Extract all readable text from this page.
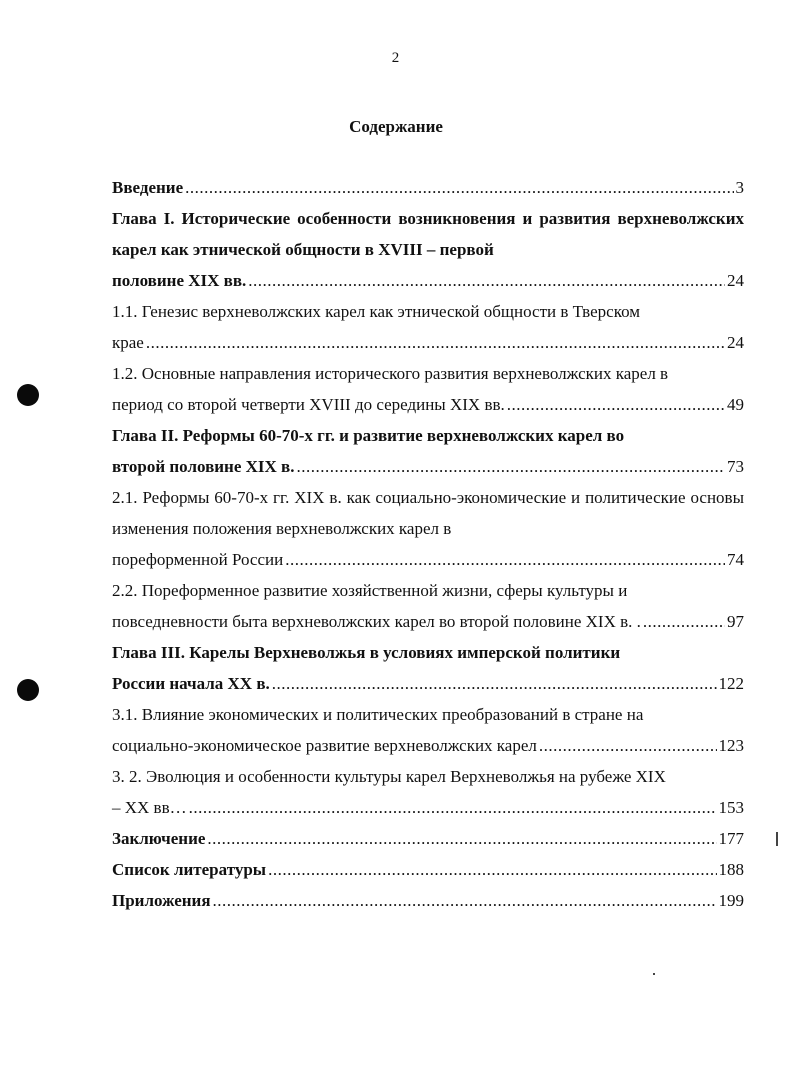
2
Содержание
Введение .....	3
Глава I. Исторические особенности возникновения и развития верхневолжских карел как этнической общности в XVIII – первой
половине XIX вв. .....	24
1.1. Генезис верхневолжских карел как этнической общности в Тверском
крае .....	24
1.2. Основные направления исторического развития верхневолжских карел в
период со второй четверти XVIII до середины XIX вв. .....	49
Глава II. Реформы 60-70-х гг. и развитие верхневолжских карел во
второй половине XIX в. .....	73
2.1. Реформы 60-70-х гг. XIX в. как социально-экономические и политические основы изменения положения верхневолжских карел в
пореформенной России .....	74
2.2. Пореформенное развитие хозяйственной жизни, сферы культуры и
повседневности быта верхневолжских карел во второй половине XIX в. . .....	97
Глава III. Карелы Верхневолжья в условиях имперской политики
России начала XX в. .....	122
3.1. Влияние экономических и политических преобразований в стране на
социально-экономическое развитие верхневолжских карел .....	123
3. 2. Эволюция и особенности культуры карел Верхневолжья на рубеже XIX
– XX вв… .....	153
Заключение .....	177
Список литературы .....	188
Приложения .....	199
